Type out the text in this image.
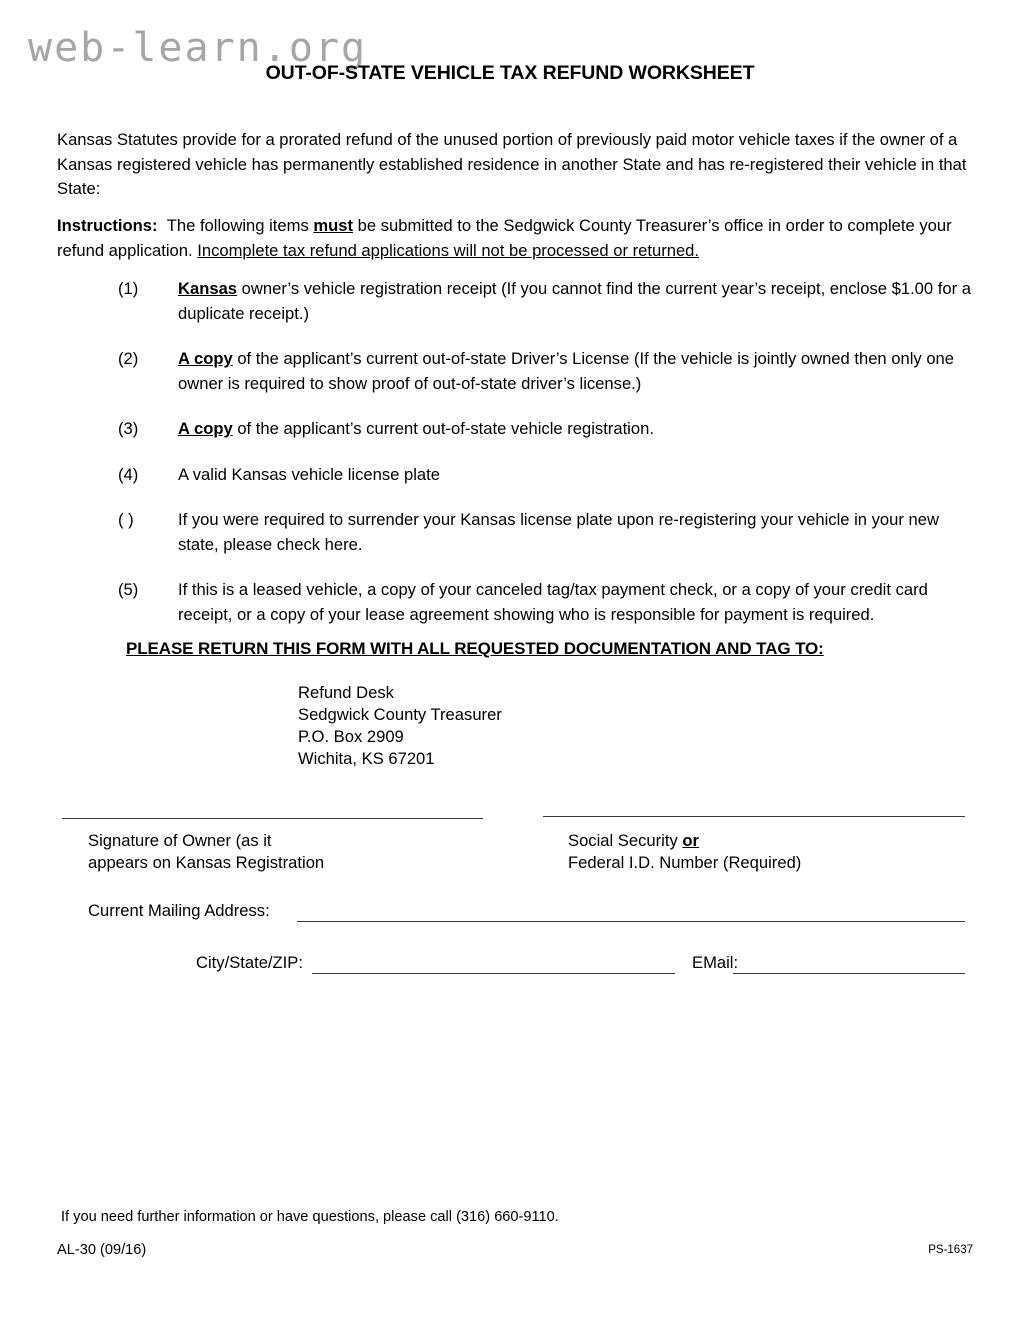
web-learn.org
OUT-OF-STATE VEHICLE TAX REFUND WORKSHEET
Kansas Statutes provide for a prorated refund of the unused portion of previously paid motor vehicle taxes if the owner of a Kansas registered vehicle has permanently established residence in another State and has re-registered their vehicle in that State:
Instructions: The following items must be submitted to the Sedgwick County Treasurer’s office in order to complete your refund application. Incomplete tax refund applications will not be processed or returned.
(1)	Kansas owner’s vehicle registration receipt (If you cannot find the current year’s receipt, enclose $1.00 for a duplicate receipt.)
(2)	A copy of the applicant’s current out-of-state Driver’s License (If the vehicle is jointly owned then only one owner is required to show proof of out-of-state driver’s license.)
(3)	A copy of the applicant’s current out-of-state vehicle registration.
(4)	A valid Kansas vehicle license plate
( )	If you were required to surrender your Kansas license plate upon re-registering your vehicle in your new state, please check here.
(5)	If this is a leased vehicle, a copy of your canceled tag/tax payment check, or a copy of your credit card receipt, or a copy of your lease agreement showing who is responsible for payment is required.
PLEASE RETURN THIS FORM WITH ALL REQUESTED DOCUMENTATION AND TAG TO:
Refund Desk
Sedgwick County Treasurer
P.O. Box 2909
Wichita, KS 67201
Signature of Owner (as it
appears on Kansas Registration
Social Security or
Federal I.D. Number (Required)
Current Mailing Address:
City/State/ZIP:	EMail:
If you need further information or have questions, please call (316) 660-9110.
AL-30 (09/16)	PS-1637
